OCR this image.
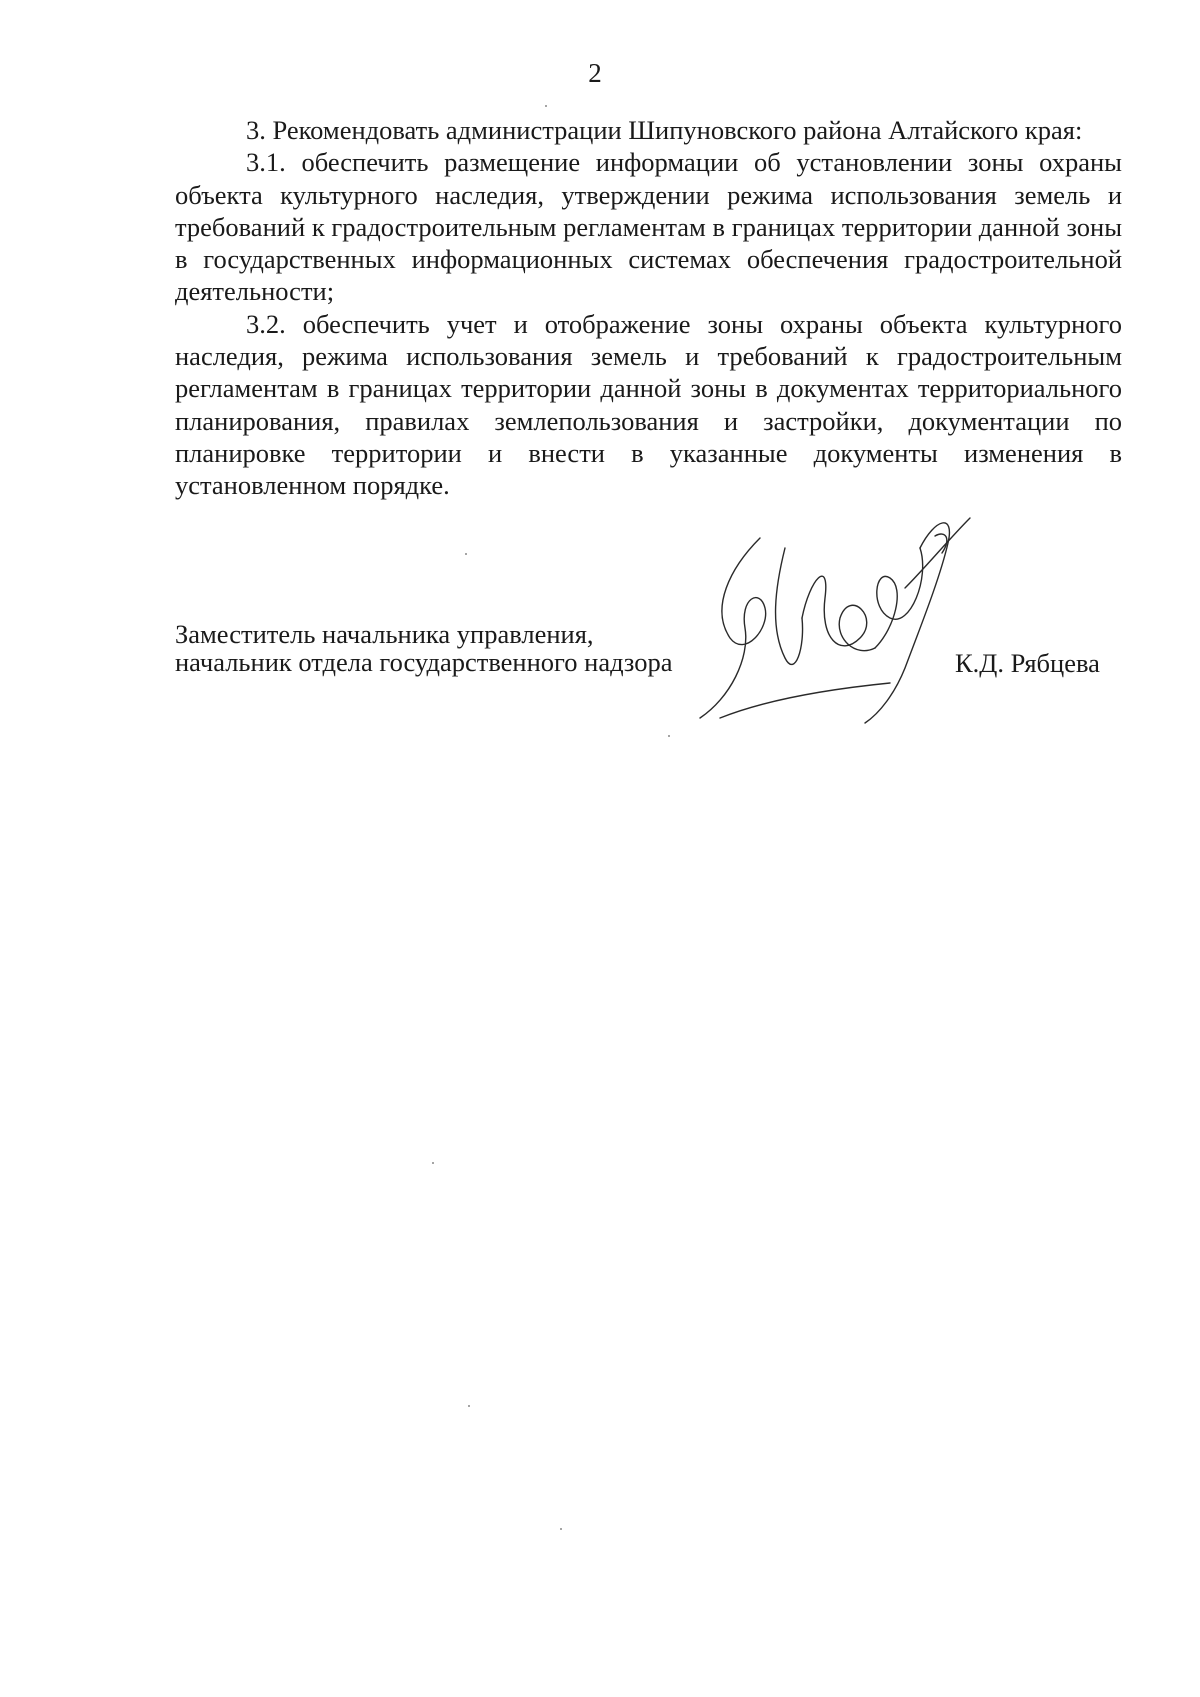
2

3. Рекомендовать администрации Шипуновского района Алтайского края:

3.1. обеспечить размещение информации об установлении зоны охраны объекта культурного наследия, утверждении режима использования земель и требований к градостроительным регламентам в границах территории данной зоны в государственных информационных системах обеспечения градостроительной деятельности;

3.2. обеспечить учет и отображение зоны охраны объекта культурного наследия, режима использования земель и требований к градостроительным регламентам в границах территории данной зоны в документах территориального планирования, правилах землепользования и застройки, документации по планировке территории и внести в указанные документы изменения в установленном порядке.

Заместитель начальника управления,
начальник отдела государственного надзора	К.Д. Рябцева
